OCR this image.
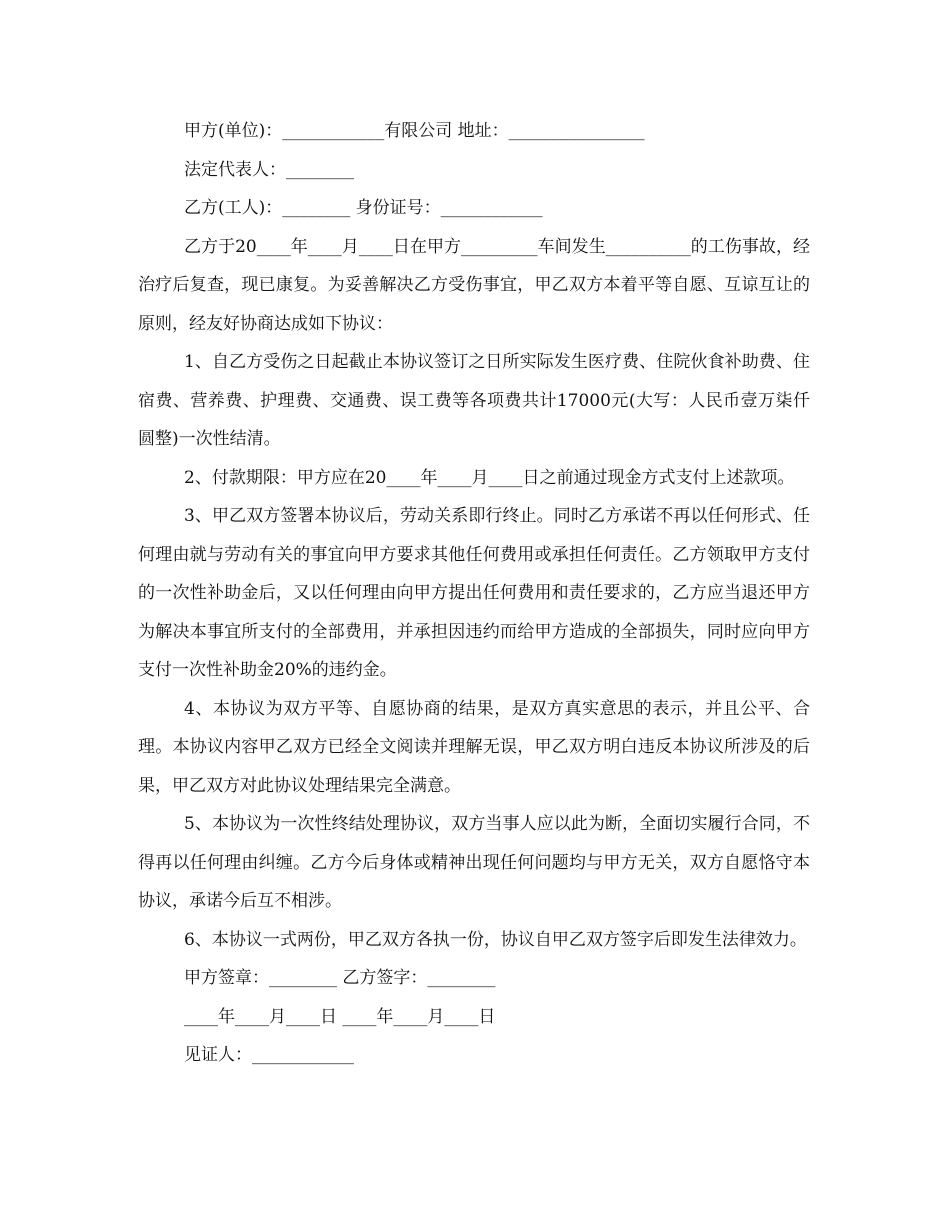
甲方(单位)：____________有限公司 地址：________________

法定代表人：________

乙方(工人)：________ 身份证号：____________

乙方于20____年____月____日在甲方_________车间发生__________的工伤事故，经治疗后复查，现已康复。为妥善解决乙方受伤事宜，甲乙双方本着平等自愿、互谅互让的原则，经友好协商达成如下协议：

1、自乙方受伤之日起截止本协议签订之日所实际发生医疗费、住院伙食补助费、住宿费、营养费、护理费、交通费、误工费等各项费共计17000元(大写：人民币壹万柒仟圆整)一次性结清。

2、付款期限：甲方应在20____年____月____日之前通过现金方式支付上述款项。

3、甲乙双方签署本协议后，劳动关系即行终止。同时乙方承诺不再以任何形式、任何理由就与劳动有关的事宜向甲方要求其他任何费用或承担任何责任。乙方领取甲方支付的一次性补助金后，又以任何理由向甲方提出任何费用和责任要求的，乙方应当退还甲方为解决本事宜所支付的全部费用，并承担因违约而给甲方造成的全部损失，同时应向甲方支付一次性补助金20%的违约金。

4、本协议为双方平等、自愿协商的结果，是双方真实意思的表示，并且公平、合理。本协议内容甲乙双方已经全文阅读并理解无误，甲乙双方明白违反本协议所涉及的后果，甲乙双方对此协议处理结果完全满意。

5、本协议为一次性终结处理协议，双方当事人应以此为断，全面切实履行合同，不得再以任何理由纠缠。乙方今后身体或精神出现任何问题均与甲方无关，双方自愿恪守本协议，承诺今后互不相涉。

6、本协议一式两份，甲乙双方各执一份，协议自甲乙双方签字后即发生法律效力。

甲方签章：________ 乙方签字：________

____年____月____日 ____年____月____日

见证人：____________
